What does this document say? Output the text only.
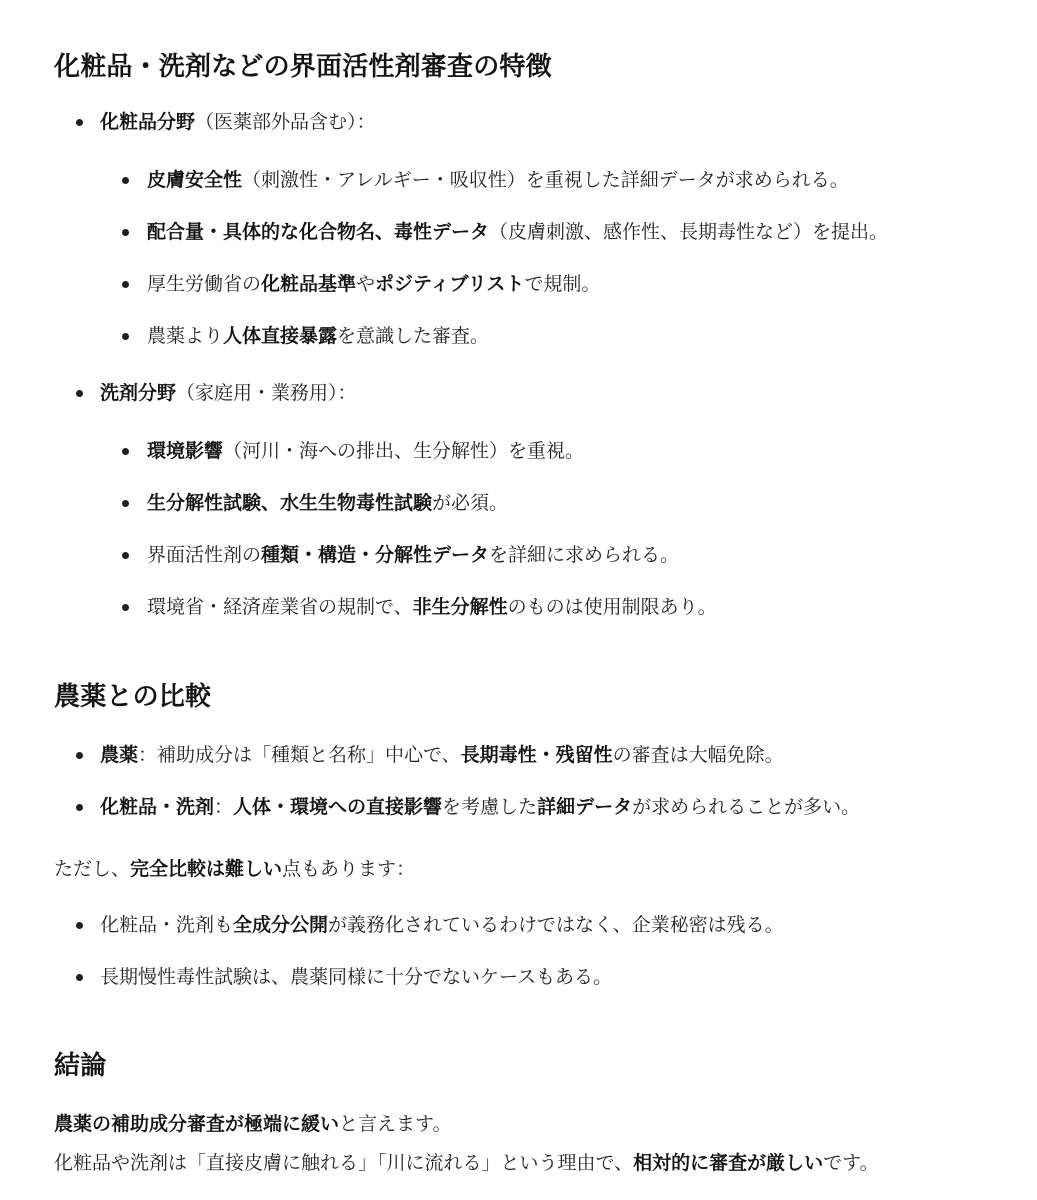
化粧品・洗剤などの界面活性剤審査の特徴
化粧品分野（医薬部外品含む）：
皮膚安全性（刺激性・アレルギー・吸収性）を重視した詳細データが求められる。
配合量・具体的な化合物名、毒性データ（皮膚刺激、感作性、長期毒性など）を提出。
厚生労働省の化粧品基準やポジティブリストで規制。
農薬より人体直接暴露を意識した審査。
洗剤分野（家庭用・業務用）：
環境影響（河川・海への排出、生分解性）を重視。
生分解性試験、水生生物毒性試験が必須。
界面活性剤の種類・構造・分解性データを詳細に求められる。
環境省・経済産業省の規制で、非生分解性のものは使用制限あり。
農薬との比較
農薬：補助成分は「種類と名称」中心で、長期毒性・残留性の審査は大幅免除。
化粧品・洗剤：人体・環境への直接影響を考慮した詳細データが求められることが多い。
ただし、完全比較は難しい点もあります：
化粧品・洗剤も全成分公開が義務化されているわけではなく、企業秘密は残る。
長期慢性毒性試験は、農薬同様に十分でないケースもある。
結論
農薬の補助成分審査が極端に緩いと言えます。
化粧品や洗剤は「直接皮膚に触れる」「川に流れる」という理由で、相対的に審査が厳しいです。
